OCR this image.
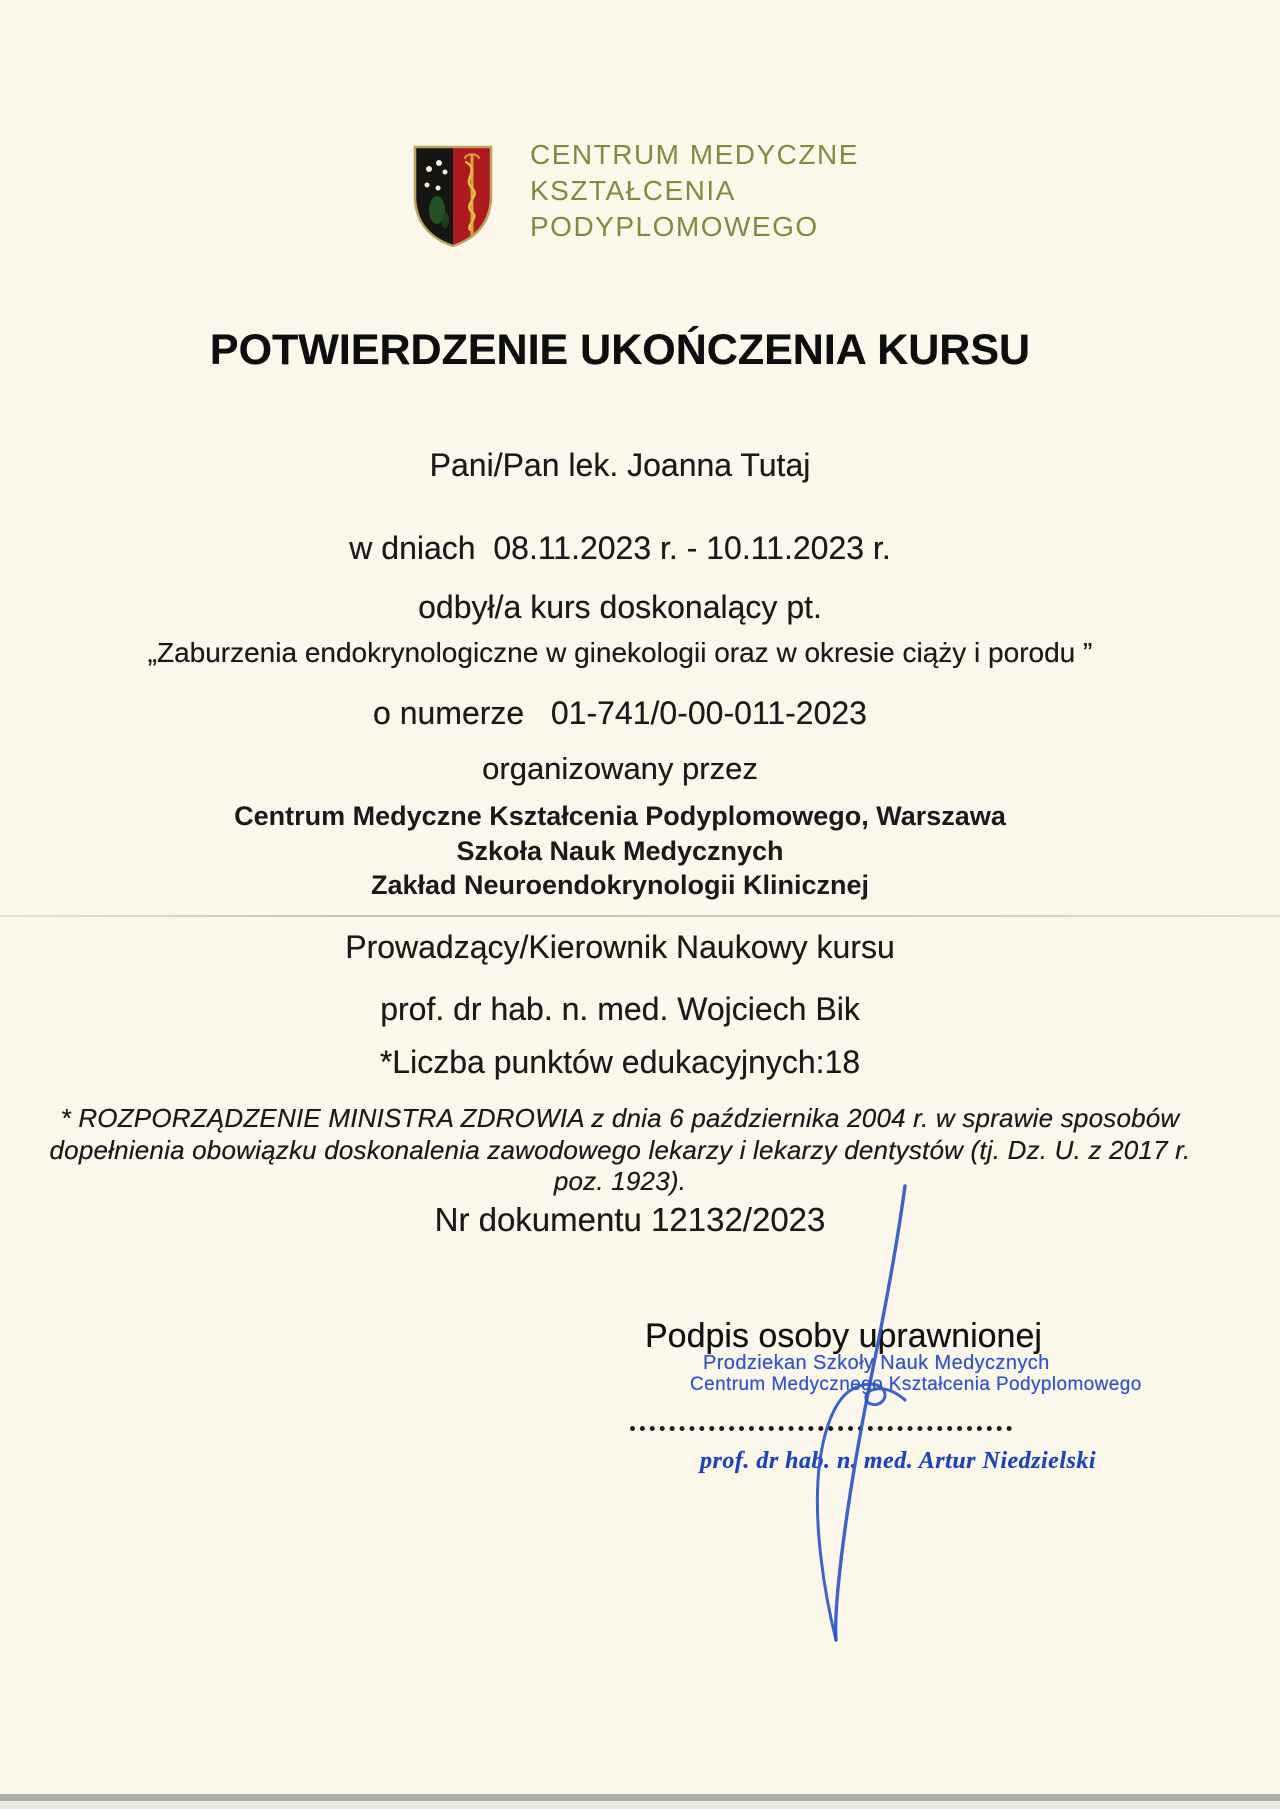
CENTRUM MEDYCZNE
KSZTAŁCENIA
PODYPLOMOWEGO
POTWIERDZENIE UKOŃCZENIA KURSU
Pani/Pan lek. Joanna Tutaj
w dniach  08.11.2023 r. - 10.11.2023 r.
odbył/a kurs doskonalący pt.
„Zaburzenia endokrynologiczne w ginekologii oraz w okresie ciąży i porodu ”
o numerze   01-741/0-00-011-2023
organizowany przez
Centrum Medyczne Kształcenia Podyplomowego, Warszawa
Szkoła Nauk Medycznych
Zakład Neuroendokrynologii Klinicznej
Prowadzący/Kierownik Naukowy kursu
prof. dr hab. n. med. Wojciech Bik
*Liczba punktów edukacyjnych:18
* ROZPORZĄDZENIE MINISTRA ZDROWIA z dnia 6 października 2004 r. w sprawie sposobów
dopełnienia obowiązku doskonalenia zawodowego lekarzy i lekarzy dentystów (tj. Dz. U. z 2017 r.
poz. 1923).
Nr dokumentu 12132/2023
Podpis osoby uprawnionej
Prodziekan Szkoły Nauk Medycznych
Centrum Medycznego Kształcenia Podyplomowego
prof. dr hab. n. med. Artur Niedzielski
